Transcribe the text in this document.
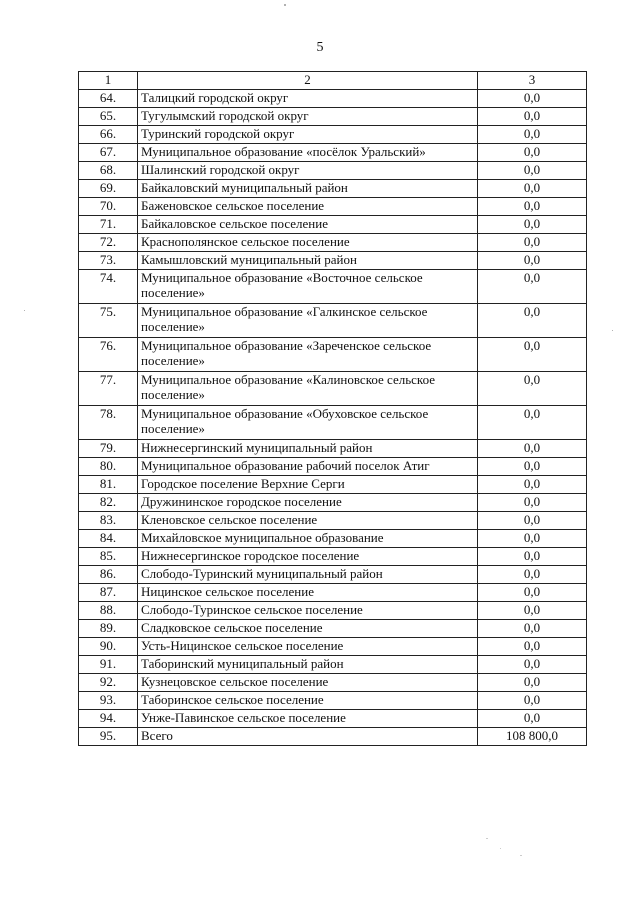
5
1	2	3
64.	Талицкий городской округ	0,0
65.	Тугулымский городской округ	0,0
66.	Туринский городской округ	0,0
67.	Муниципальное образование «посёлок Уральский»	0,0
68.	Шалинский городской округ	0,0
69.	Байкаловский муниципальный район	0,0
70.	Баженовское сельское поселение	0,0
71.	Байкаловское сельское поселение	0,0
72.	Краснополянское сельское поселение	0,0
73.	Камышловский муниципальный район	0,0
74.	Муниципальное образование «Восточное сельское поселение»	0,0
75.	Муниципальное образование «Галкинское сельское поселение»	0,0
76.	Муниципальное образование «Зареченское сельское поселение»	0,0
77.	Муниципальное образование «Калиновское сельское поселение»	0,0
78.	Муниципальное образование «Обуховское сельское поселение»	0,0
79.	Нижнесергинский муниципальный район	0,0
80.	Муниципальное образование рабочий поселок Атиг	0,0
81.	Городское поселение Верхние Серги	0,0
82.	Дружининское городское поселение	0,0
83.	Кленовское сельское поселение	0,0
84.	Михайловское муниципальное образование	0,0
85.	Нижнесергинское городское поселение	0,0
86.	Слободо-Туринский муниципальный район	0,0
87.	Ницинское сельское поселение	0,0
88.	Слободо-Туринское сельское поселение	0,0
89.	Сладковское сельское поселение	0,0
90.	Усть-Ницинское сельское поселение	0,0
91.	Таборинский муниципальный район	0,0
92.	Кузнецовское сельское поселение	0,0
93.	Таборинское сельское поселение	0,0
94.	Унже-Павинское сельское поселение	0,0
95.	Всего	108 800,0
